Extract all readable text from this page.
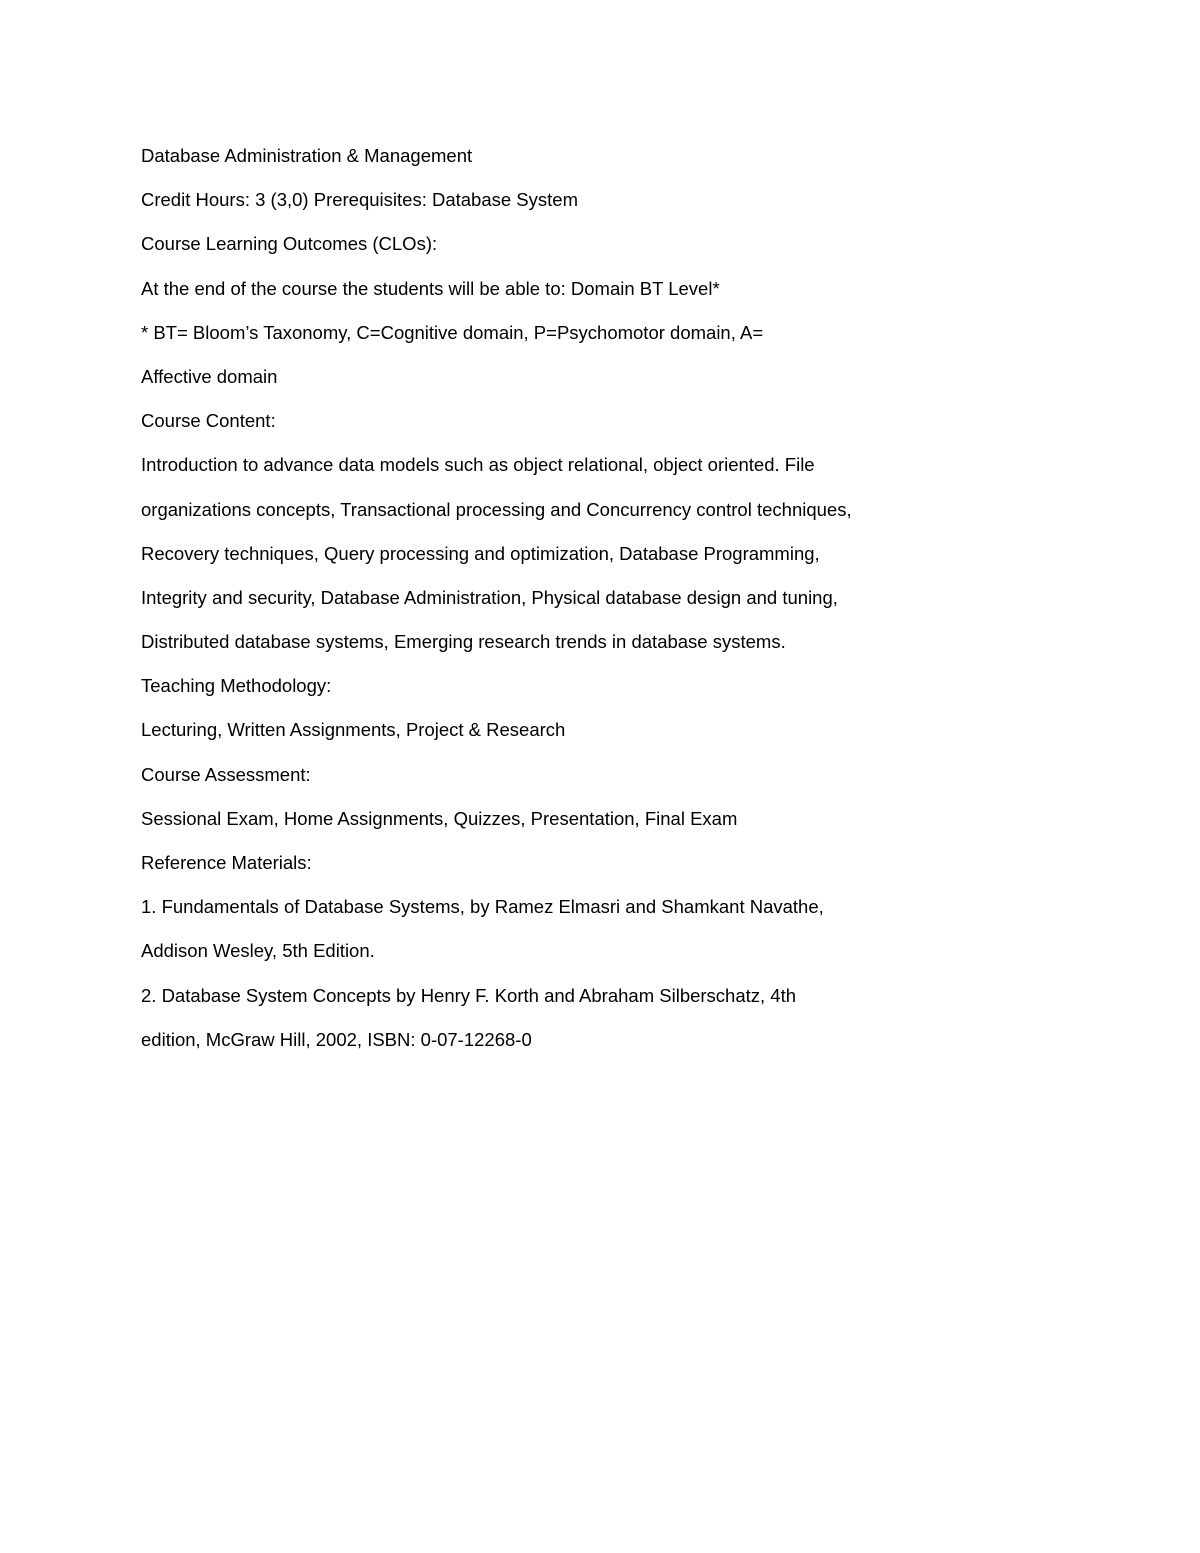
Database Administration & Management

Credit Hours: 3 (3,0) Prerequisites: Database System

Course Learning Outcomes (CLOs):

At the end of the course the students will be able to: Domain BT Level*

* BT= Bloom’s Taxonomy, C=Cognitive domain, P=Psychomotor domain, A=

Affective domain

Course Content:

Introduction to advance data models such as object relational, object oriented. File

organizations concepts, Transactional processing and Concurrency control techniques,

Recovery techniques, Query processing and optimization, Database Programming,

Integrity and security, Database Administration, Physical database design and tuning,

Distributed database systems, Emerging research trends in database systems.

Teaching Methodology:

Lecturing, Written Assignments, Project & Research

Course Assessment:

Sessional Exam, Home Assignments, Quizzes, Presentation, Final Exam

Reference Materials:

1. Fundamentals of Database Systems, by Ramez Elmasri and Shamkant Navathe,

Addison Wesley, 5th Edition.

2. Database System Concepts by Henry F. Korth and Abraham Silberschatz, 4th

edition, McGraw Hill, 2002, ISBN: 0-07-12268-0
